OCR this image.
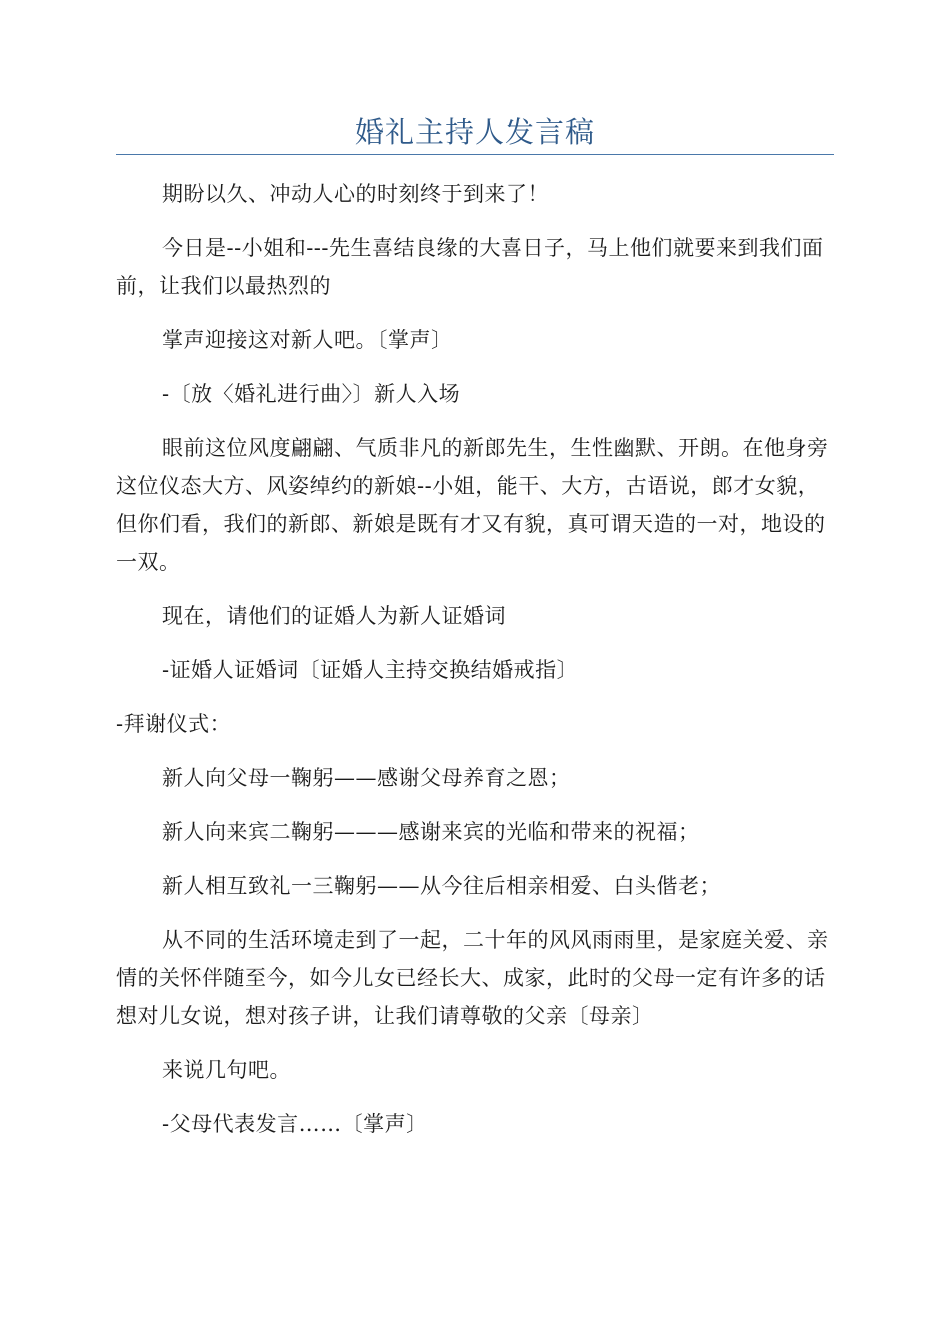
婚礼主持人发言稿

期盼以久、冲动人心的时刻终于到来了！

今日是--小姐和---先生喜结良缘的大喜日子，马上他们就要来到我们面前，让我们以最热烈的

掌声迎接这对新人吧。〔掌声〕

-〔放〈婚礼进行曲〉〕新人入场

眼前这位风度翩翩、气质非凡的新郎先生，生性幽默、开朗。在他身旁这位仪态大方、风姿绰约的新娘--小姐，能干、大方，古语说，郎才女貌，但你们看，我们的新郎、新娘是既有才又有貌，真可谓天造的一对，地设的一双。

现在，请他们的证婚人为新人证婚词

-证婚人证婚词〔证婚人主持交换结婚戒指〕

-拜谢仪式：

新人向父母一鞠躬——感谢父母养育之恩；

新人向来宾二鞠躬———感谢来宾的光临和带来的祝福；

新人相互致礼一三鞠躬——从今往后相亲相爱、白头偕老；

从不同的生活环境走到了一起，二十年的风风雨雨里，是家庭关爱、亲情的关怀伴随至今，如今儿女已经长大、成家，此时的父母一定有许多的话想对儿女说，想对孩子讲，让我们请尊敬的父亲〔母亲〕

来说几句吧。

-父母代表发言……〔掌声〕
